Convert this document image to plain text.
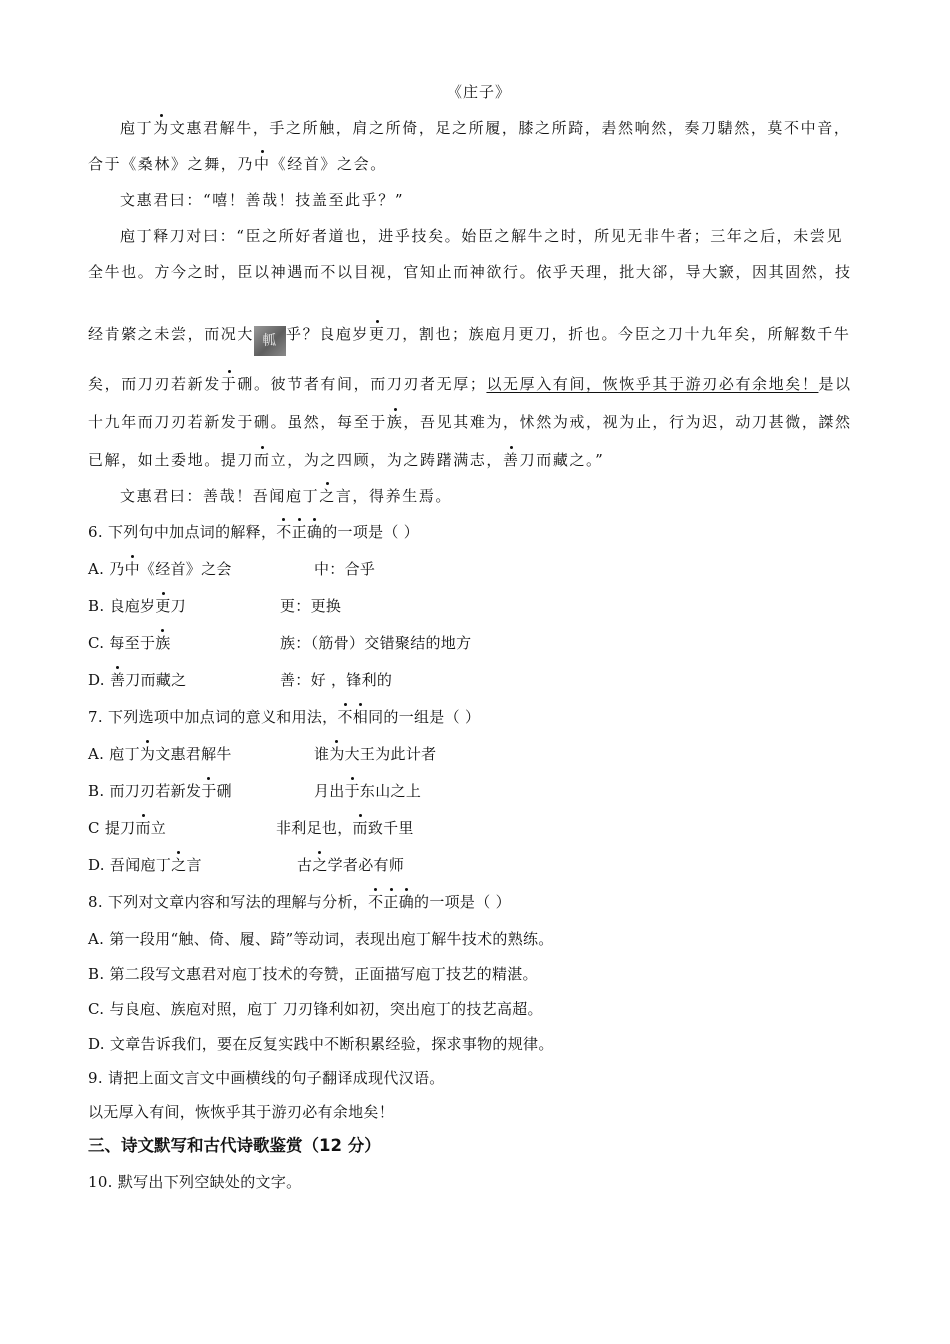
《庄子》
庖丁为文惠君解牛，手之所触，肩之所倚，足之所履，膝之所踦，砉然响然，奏刀騞然，莫不中音，
合于《桑林》之舞，乃中《经首》之会。
文惠君曰：“嘻！善哉！技盖至此乎？”
庖丁释刀对曰：“臣之所好者道也，进乎技矣。始臣之解牛之时，所见无非牛者；三年之后，未尝见
全牛也。方今之时，臣以神遇而不以目视，官知止而神欲行。依乎天理，批大郤，导大窾，因其固然，技
经肯綮之未尝，而况大 軱 乎？良庖岁更刀，割也；族庖月更刀，折也。今臣之刀十九年矣，所解数千牛
矣，而刀刃若新发于硎。彼节者有间，而刀刃者无厚；以无厚入有间，恢恢乎其于游刃必有余地矣！是以
十九年而刀刃若新发于硎。虽然，每至于族，吾见其难为，怵然为戒，视为止，行为迟，动刀甚微，謋然
已解，如土委地。提刀而立，为之四顾，为之踌躇满志，善刀而藏之。”
文惠君曰：善哉！吾闻庖丁之言，得养生焉。
6. 下列句中加点词的解释，不正确的一项是（ ）
A. 乃中《经首》之会	中：合乎
B. 良庖岁更刀	更：更换
C. 每至于族	族：（筋骨）交错聚结的地方
D. 善刀而藏之	善：好 ，锋利的
7. 下列选项中加点词的意义和用法，不相同的一组是（ ）
A. 庖丁为文惠君解牛	谁为大王为此计者
B. 而刀刃若新发于硎	月出于东山之上
C 提刀而立	非利足也，而致千里
D. 吾闻庖丁之言	古之学者必有师
8. 下列对文章内容和写法的理解与分析，不正确的一项是（ ）
A. 第一段用“触、倚、履、踦”等动词，表现出庖丁解牛技术的熟练。
B. 第二段写文惠君对庖丁技术的夸赞，正面描写庖丁技艺的精湛。
C. 与良庖、族庖对照，庖丁 刀刃锋利如初，突出庖丁的技艺高超。
D. 文章告诉我们，要在反复实践中不断积累经验，探求事物的规律。
9. 请把上面文言文中画横线的句子翻译成现代汉语。
以无厚入有间，恢恢乎其于游刃必有余地矣！
三、诗文默写和古代诗歌鉴赏（12 分）
10. 默写出下列空缺处的文字。
